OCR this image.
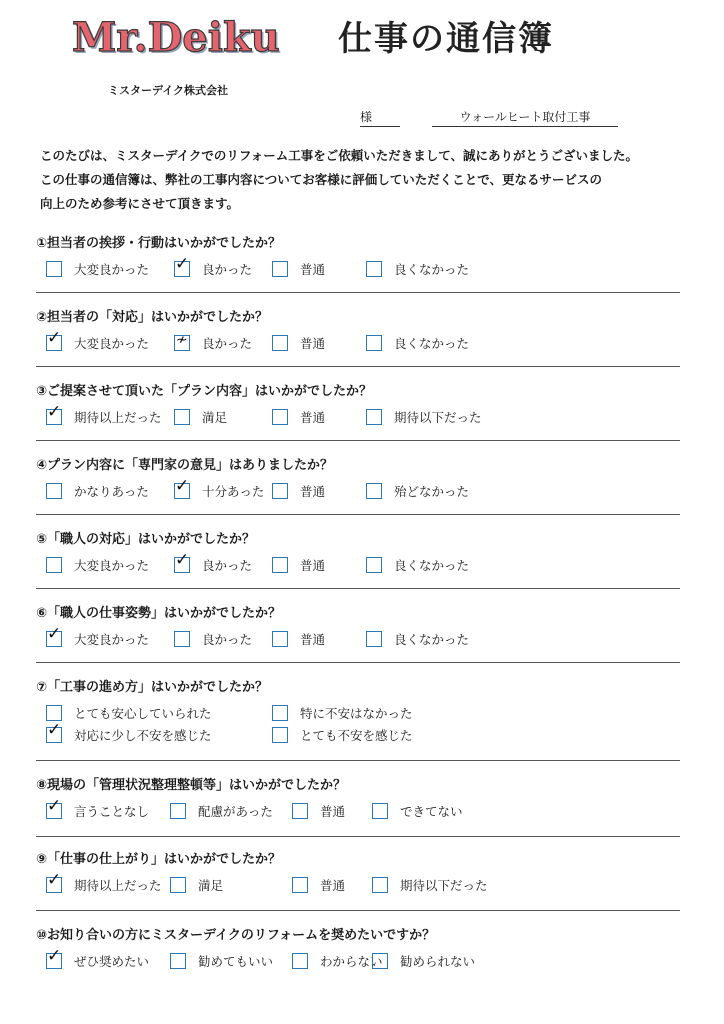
Mr.Deiku 仕事の通信簿
ミスターデイク株式会社
様	ウォールヒート取付工事
このたびは、ミスターデイクでのリフォーム工事をご依頼いただきまして、誠にありがとうございました。
この仕事の通信簿は、弊社の工事内容についてお客様に評価していただくことで、更なるサービスの
向上のため参考にさせて頂きます。
①担当者の挨拶・行動はいかがでしたか？
大変良かった ✓ 良かった	普通	良くなかった
②担当者の「対応」はいかがでしたか？
✓ 大変良かった ≁ 良かった	普通	良くなかった
③ご提案させて頂いた「プラン内容」はいかがでしたか？
✓ 期待以上だった	満足	普通	期待以下だった
④プラン内容に「専門家の意見」はありましたか？
かなりあった ✓ 十分あった	普通	殆どなかった
⑤「職人の対応」はいかがでしたか？
大変良かった ✓ 良かった	普通	良くなかった
⑥「職人の仕事姿勢」はいかがでしたか？
✓ 大変良かった	良かった	普通	良くなかった
⑦「工事の進め方」はいかがでしたか？
とても安心していられた	特に不安はなかった
✓ 対応に少し不安を感じた	とても不安を感じた
⑧現場の「管理状況整理整頓等」はいかがでしたか？
✓ 言うことなし	配慮があった	普通	できてない
⑨「仕事の仕上がり」はいかがでしたか？
✓ 期待以上だった	満足	普通	期待以下だった
⑩お知り合いの方にミスターデイクのリフォームを奨めたいですか？
✓ ぜひ奨めたい	勧めてもいい	わからない 勧められない
